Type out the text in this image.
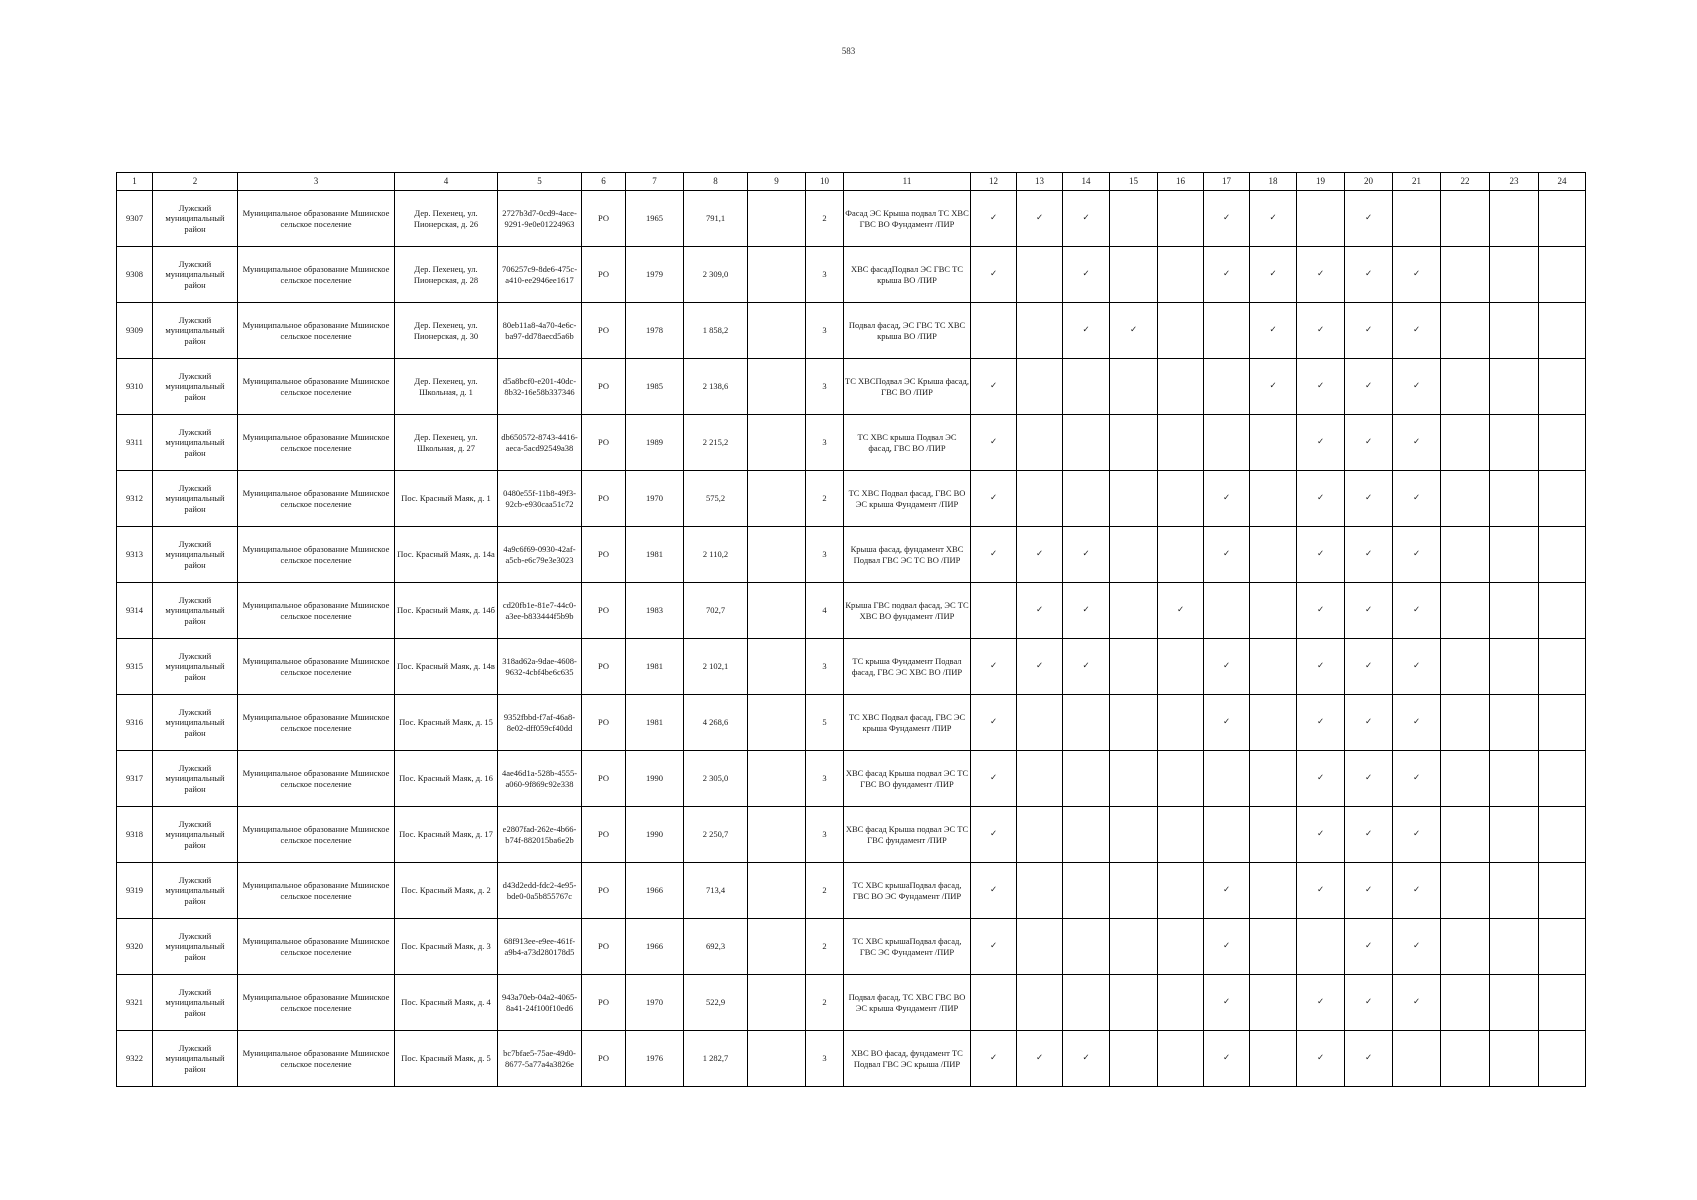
583
1	2	3	4	5	6	7	8	9	10	11	12	13	14	15	16	17	18	19	20	21	22	23	24
9307	Лужский муниципальный район	Муниципальное образование Мшинское сельское поселение	Дер. Пехенец, ул. Пионерская, д. 26	2727b3d7-0cd9-4ace-9291-9e0e01224963	РО	1965	791,1		2	Фасад ЭС Крыша подвал ТС ХВС ГВС ВО Фундамент /ПИР	✓	✓	✓			✓	✓		✓				
9308	Лужский муниципальный район	Муниципальное образование Мшинское сельское поселение	Дер. Пехенец, ул. Пионерская, д. 28	706257c9-8de6-475c-a410-ee2946ee1617	РО	1979	2 309,0		3	ХВС фасадПодвал ЭС ГВС ТС крыша ВО /ПИР	✓		✓			✓	✓	✓	✓	✓			
9309	Лужский муниципальный район	Муниципальное образование Мшинское сельское поселение	Дер. Пехенец, ул. Пионерская, д. 30	80eb11a8-4a70-4e6c-ba97-dd78aecd5a6b	РО	1978	1 858,2		3	Подвал фасад, ЭС ГВС ТС ХВС крыша ВО /ПИР			✓	✓			✓	✓	✓	✓			
9310	Лужский муниципальный район	Муниципальное образование Мшинское сельское поселение	Дер. Пехенец, ул. Школьная, д. 1	d5a8bcf0-e201-40dc-8b32-16e58b337346	РО	1985	2 138,6		3	ТС ХВСПодвал ЭС Крыша фасад, ГВС ВО /ПИР	✓						✓	✓	✓	✓			
9311	Лужский муниципальный район	Муниципальное образование Мшинское сельское поселение	Дер. Пехенец, ул. Школьная, д. 27	db650572-8743-4416-aeca-5acd92549a38	РО	1989	2 215,2		3	ТС ХВС крыша Подвал ЭС фасад, ГВС ВО /ПИР	✓							✓	✓	✓			
9312	Лужский муниципальный район	Муниципальное образование Мшинское сельское поселение	Пос. Красный Маяк, д. 1	0480e55f-11b8-49f3-92cb-e930caa51c72	РО	1970	575,2		2	ТС ХВС Подвал фасад, ГВС ВО ЭС крыша Фундамент /ПИР	✓					✓		✓	✓	✓			
9313	Лужский муниципальный район	Муниципальное образование Мшинское сельское поселение	Пос. Красный Маяк, д. 14а	4a9c6f69-0930-42af-a5cb-e6c79e3e3023	РО	1981	2 110,2		3	Крыша фасад, фундамент ХВС Подвал ГВС ЭС ТС ВО /ПИР	✓	✓	✓			✓		✓	✓	✓			
9314	Лужский муниципальный район	Муниципальное образование Мшинское сельское поселение	Пос. Красный Маяк, д. 14б	cd20fb1e-81e7-44c0-a3ee-b833444f5b9b	РО	1983	702,7		4	Крыша ГВС подвал фасад, ЭС ТС ХВС ВО фундамент /ПИР		✓	✓		✓			✓	✓	✓			
9315	Лужский муниципальный район	Муниципальное образование Мшинское сельское поселение	Пос. Красный Маяк, д. 14в	318ad62a-9dae-4608-9632-4cbf4be6c635	РО	1981	2 102,1		3	ТС крыша Фундамент Подвал фасад, ГВС ЭС ХВС ВО /ПИР	✓	✓	✓			✓		✓	✓	✓			
9316	Лужский муниципальный район	Муниципальное образование Мшинское сельское поселение	Пос. Красный Маяк, д. 15	9352fbbd-f7af-46a8-8e02-dff059cf40dd	РО	1981	4 268,6		5	ТС ХВС Подвал фасад, ГВС ЭС крыша Фундамент /ПИР	✓					✓		✓	✓	✓			
9317	Лужский муниципальный район	Муниципальное образование Мшинское сельское поселение	Пос. Красный Маяк, д. 16	4ae46d1a-528b-4555-a060-9f869c92e338	РО	1990	2 305,0		3	ХВС фасад Крыша подвал ЭС ТС ГВС ВО фундамент /ПИР	✓							✓	✓	✓			
9318	Лужский муниципальный район	Муниципальное образование Мшинское сельское поселение	Пос. Красный Маяк, д. 17	e2807fad-262e-4b66-b74f-882015ba6e2b	РО	1990	2 250,7		3	ХВС фасад Крыша подвал ЭС ТС ГВС фундамент /ПИР	✓							✓	✓	✓			
9319	Лужский муниципальный район	Муниципальное образование Мшинское сельское поселение	Пос. Красный Маяк, д. 2	d43d2edd-fdc2-4e95-bde0-0a5b855767c	РО	1966	713,4		2	ТС ХВС крышаПодвал фасад, ГВС ВО ЭС Фундамент /ПИР	✓					✓		✓	✓	✓			
9320	Лужский муниципальный район	Муниципальное образование Мшинское сельское поселение	Пос. Красный Маяк, д. 3	68f913ee-e9ee-461f-a9b4-a73d280178d5	РО	1966	692,3		2	ТС ХВС крышаПодвал фасад, ГВС ЭС Фундамент /ПИР	✓					✓			✓	✓			
9321	Лужский муниципальный район	Муниципальное образование Мшинское сельское поселение	Пос. Красный Маяк, д. 4	943a70eb-04a2-4065-8a41-24f100f10ed6	РО	1970	522,9		2	Подвал фасад, ТС ХВС ГВС ВО ЭС крыша Фундамент /ПИР						✓		✓	✓	✓			
9322	Лужский муниципальный район	Муниципальное образование Мшинское сельское поселение	Пос. Красный Маяк, д. 5	bc7bfae5-75ae-49d0-8677-5a77a4a3826e	РО	1976	1 282,7		3	ХВС ВО фасад, фундамент ТС Подвал ГВС ЭС крыша /ПИР	✓	✓	✓			✓		✓	✓				
